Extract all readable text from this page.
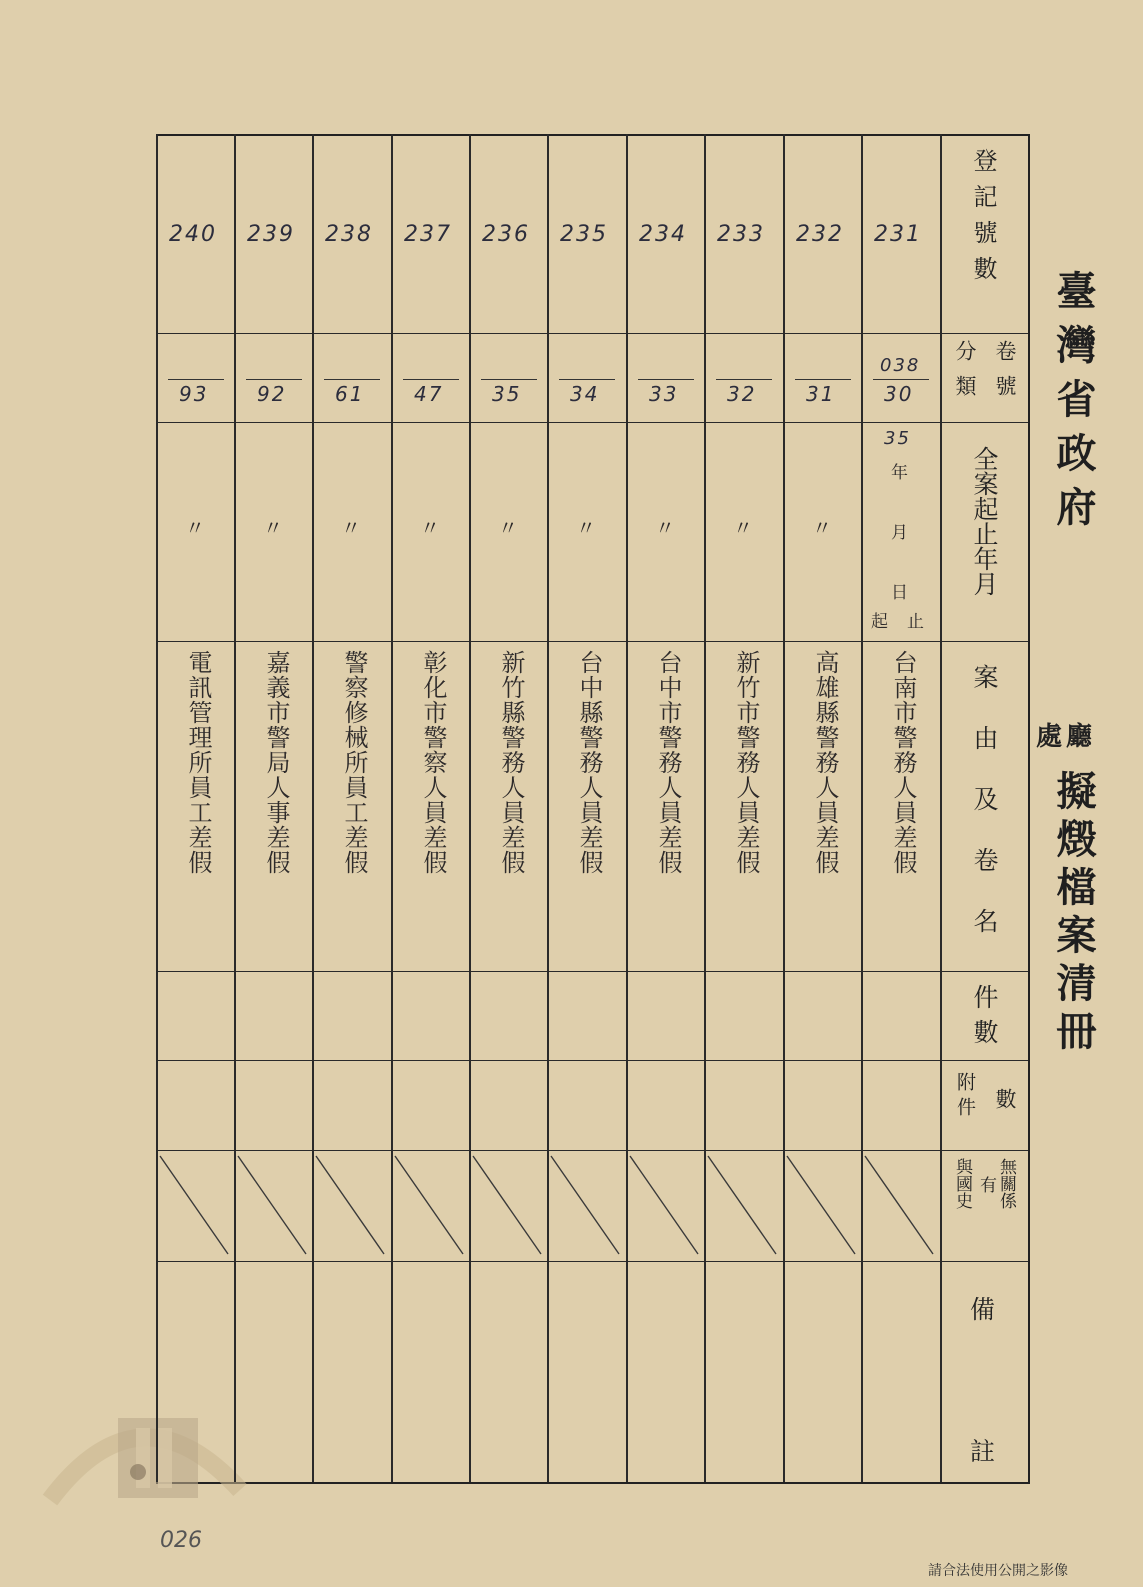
登記號數
卷號
分類
全案起止年月
案由及卷名
件數
數
附件
無關係
有
與國史
備
註
臺灣省政府
廳
處
擬燬檔案清冊
231
038
30
35
年
月
日
起 止
台南市警務人員差假
232
31
〃
高雄縣警務人員差假
233
32
〃
新竹市警務人員差假
234
33
〃
台中市警務人員差假
235
34
〃
台中縣警務人員差假
236
35
〃
新竹縣警務人員差假
237
47
〃
彰化市警察人員差假
238
61
〃
警察修械所員工差假
239
92
〃
嘉義市警局人事差假
240
93
〃
電訊管理所員工差假
026
請合法使用公開之影像
